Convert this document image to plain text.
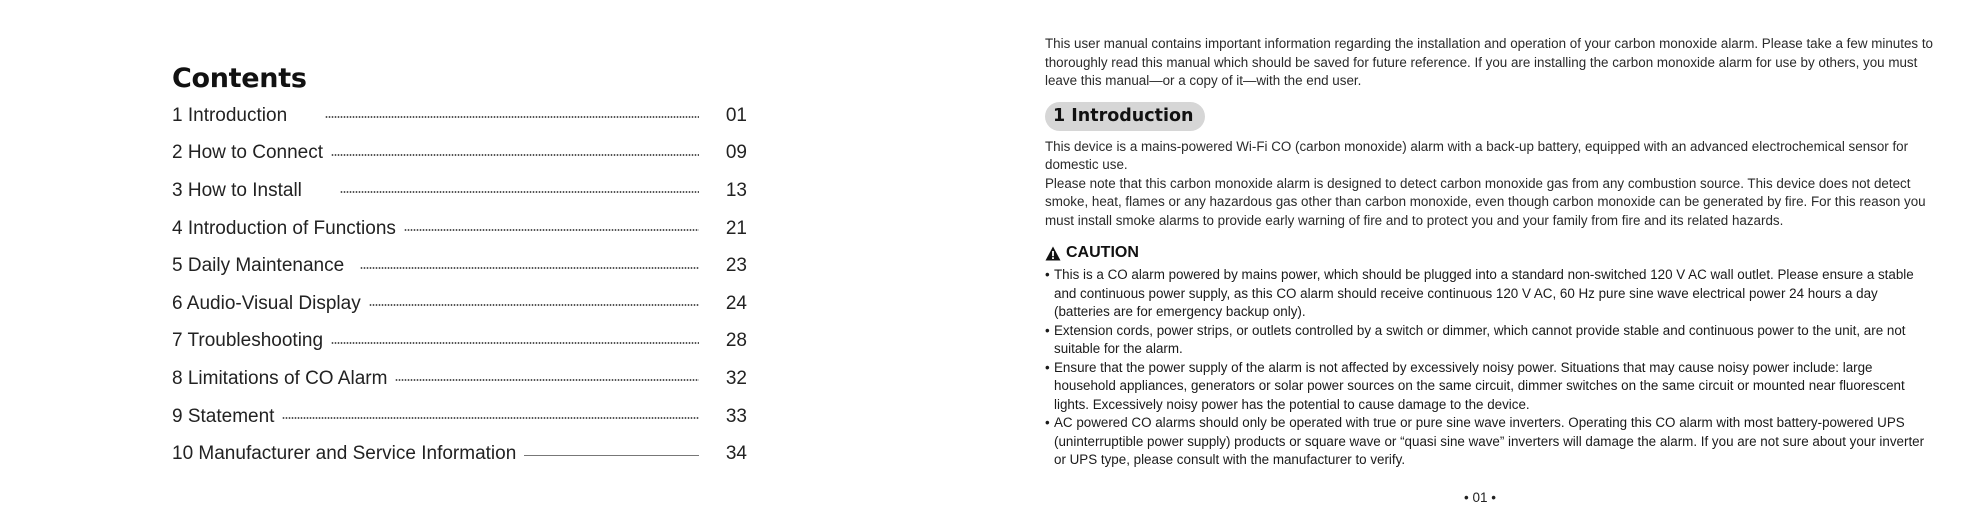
Contents
1 Introduction	01
2 How to Connect	09
3 How to Install	13
4 Introduction of Functions	21
5 Daily Maintenance	23
6 Audio-Visual Display	24
7 Troubleshooting	28
8 Limitations of CO Alarm	32
9 Statement	33
10 Manufacturer and Service Information	34

This user manual contains important information regarding the installation and operation of your carbon monoxide alarm. Please take a few minutes to thoroughly read this manual which should be saved for future reference. If you are installing the carbon monoxide alarm for use by others, you must leave this manual—or a copy of it—with the end user.

1 Introduction

This device is a mains-powered Wi-Fi CO (carbon monoxide) alarm with a back-up battery, equipped with an advanced electrochemical sensor for domestic use.

Please note that this carbon monoxide alarm is designed to detect carbon monoxide gas from any combustion source. This device does not detect smoke, heat, flames or any hazardous gas other than carbon monoxide, even though carbon monoxide can be generated by fire. For this reason you must install smoke alarms to provide early warning of fire and to protect you and your family from fire and its related hazards.

CAUTION
• This is a CO alarm powered by mains power, which should be plugged into a standard non-switched 120 V AC wall outlet. Please ensure a stable and continuous power supply, as this CO alarm should receive continuous 120 V AC, 60 Hz pure sine wave electrical power 24 hours a day (batteries are for emergency backup only).
• Extension cords, power strips, or outlets controlled by a switch or dimmer, which cannot provide stable and continuous power to the unit, are not suitable for the alarm.
• Ensure that the power supply of the alarm is not affected by excessively noisy power. Situations that may cause noisy power include: large household appliances, generators or solar power sources on the same circuit, dimmer switches on the same circuit or mounted near fluorescent lights. Excessively noisy power has the potential to cause damage to the device.
• AC powered CO alarms should only be operated with true or pure sine wave inverters. Operating this CO alarm with most battery-powered UPS (uninterruptible power supply) products or square wave or “quasi sine wave” inverters will damage the alarm. If you are not sure about your inverter or UPS type, please consult with the manufacturer to verify.
• 01 •
